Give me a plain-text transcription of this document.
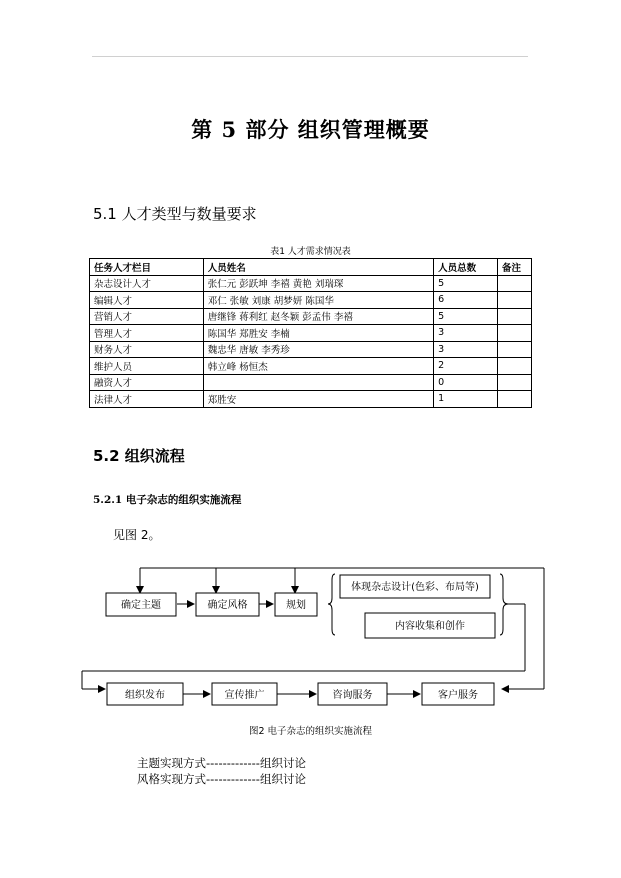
第 5 部分 组织管理概要
5.1 人才类型与数量要求
表1 人才需求情况表
任务人才栏目	人员姓名	人员总数	备注
杂志设计人才	张仁元 彭跃坤 李禧 黄艳 刘瑞琛	5	
编辑人才	邓仁 张敏 刘康 胡梦妍 陈国华	6	
营销人才	唐继锋 蒋利红 赵冬颖 彭孟伟 李禧	5	
管理人才	陈国华 郑胜安 李楠	3	
财务人才	魏忠华 唐敏 李秀珍	3	
维护人员	韩立峰 杨恒杰	2	
融资人才		0	
法律人才	郑胜安	1	
5.2 组织流程
5.2.1 电子杂志的组织实施流程
见图 2。
确定主题	确定风格	规划
体现杂志设计(色彩、布局等)
内容收集和创作
组织发布	宣传推广	咨询服务	客户服务
图2 电子杂志的组织实施流程
主题实现方式-------------组织讨论
风格实现方式-------------组织讨论
